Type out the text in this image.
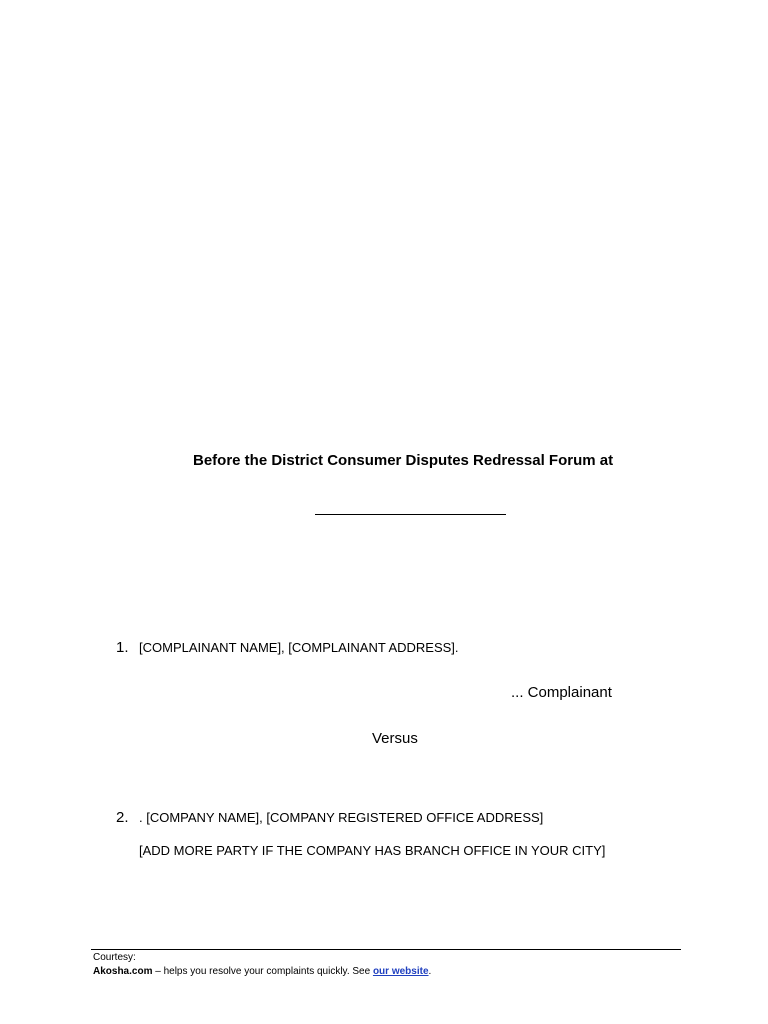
Before the District Consumer Disputes Redressal Forum at
1. [COMPLAINANT NAME], [COMPLAINANT ADDRESS].
... Complainant
Versus
2. . [COMPANY NAME], [COMPANY REGISTERED OFFICE ADDRESS]
[ADD MORE PARTY IF THE COMPANY HAS BRANCH OFFICE IN YOUR CITY]
Courtesy:
Akosha.com – helps you resolve your complaints quickly. See our website.
